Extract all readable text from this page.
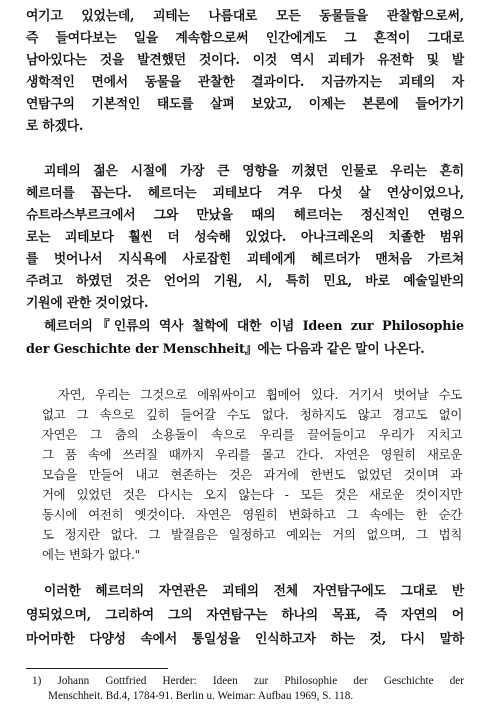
여기고 있었는데, 괴테는 나름대로 모든 동물들을 관찰함으로써,
즉 들여다보는 일을 계속함으로써 인간에게도 그 흔적이 그대로
남아있다는 것을 발견했던 것이다. 이것 역시 괴테가 유전학 및 발
생학적인 면에서 동물을 관찰한 결과이다. 지금까지는 괴테의 자
연탐구의 기본적인 태도를 살펴 보았고, 이제는 본론에 들어가기
로 하겠다.
괴테의 젊은 시절에 가장 큰 영향을 끼쳤던 인물로 우리는 흔히
헤르더를 꼽는다. 헤르더는 괴테보다 겨우 다섯 살 연상이었으나,
슈트라스부르크에서 그와 만났을 때의 헤르더는 정신적인 연령으
로는 괴테보다 훨씬 더 성숙해 있었다. 아나크레온의 치졸한 범위
를 벗어나서 지식욕에 사로잡힌 괴테에게 헤르더가 맨처음 가르쳐
주려고 하였던 것은 언어의 기원, 시, 특히 민요, 바로 예술일반의
기원에 관한 것이었다.
헤르더의『인류의 역사 철학에 대한 이념 Ideen zur Philosophie
der Geschichte der Menschheit』에는 다음과 같은 말이 나온다.
자연, 우리는 그것으로 에워싸이고 휩메어 있다. 거기서 벗어날 수도
없고 그 속으로 깊히 들어갈 수도 없다. 청하지도 않고 경고도 없이
자연은 그 춤의 소용돌이 속으로 우리를 끌어들이고 우리가 지치고
그 품 속에 쓰러질 때까지 우리를 몰고 간다. 자연은 영원히 새로운
모습을 만들어 내고 현존하는 것은 과거에 한번도 없었던 것이며 과
거에 있었던 것은 다시는 오지 않는다 - 모든 것은 새로운 것이지만
동시에 여전히 옛것이다. 자연은 영원히 변화하고 그 속에는 한 순간
도 정지란 없다. 그 발걸음은 일정하고 예외는 거의 없으며, 그 법칙
에는 변화가 없다."
이러한 헤르더의 자연관은 괴테의 전체 자연탐구에도 그대로 반
영되었으며, 그리하여 그의 자연탐구는 하나의 목표, 즉 자연의 어
마어마한 다양성 속에서 통일성을 인식하고자 하는 것, 다시 말하
1) Johann Gottfried Herder: Ideen zur Philosophie der Geschichte der
Menschheit. Bd.4, 1784-91. Berlin u. Weimar: Aufbau 1969, S. 118.
